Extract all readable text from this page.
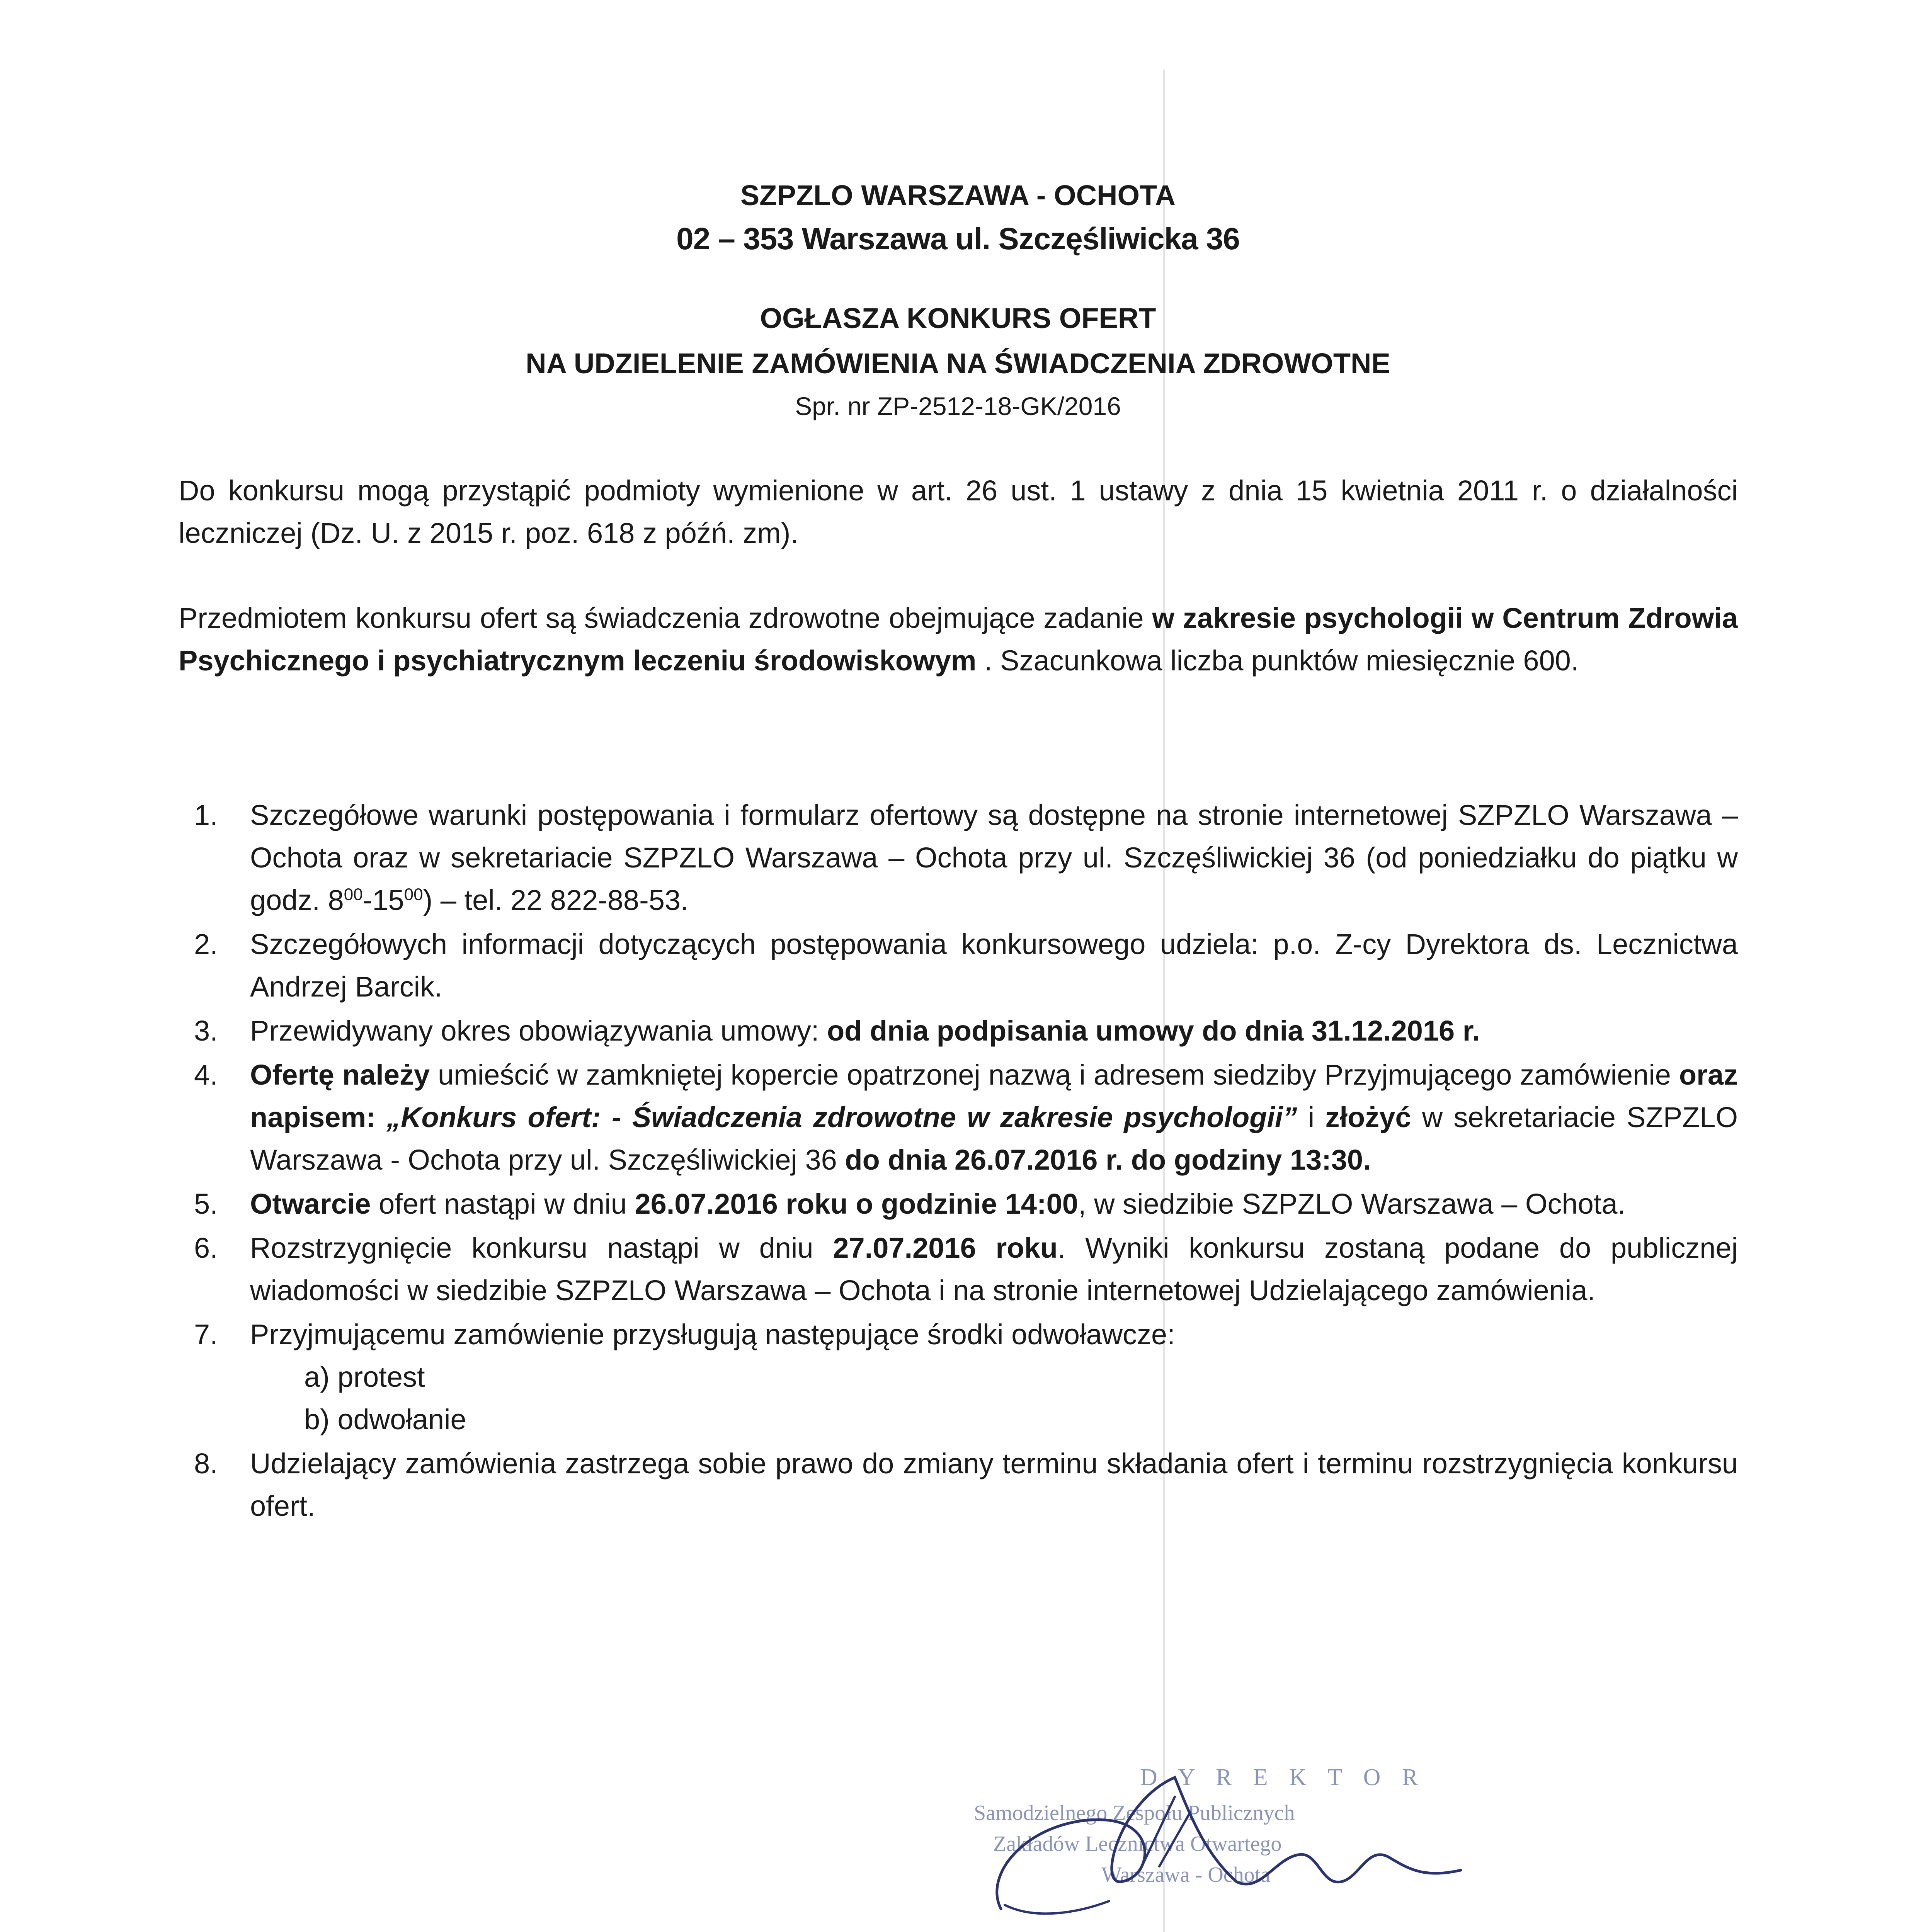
SZPZLO WARSZAWA - OCHOTA
02 – 353 Warszawa ul. Szczęśliwicka 36
OGŁASZA KONKURS OFERT
NA UDZIELENIE ZAMÓWIENIA NA ŚWIADCZENIA ZDROWOTNE
Spr. nr ZP-2512-18-GK/2016

Do konkursu mogą przystąpić podmioty wymienione w art. 26 ust. 1 ustawy z dnia 15 kwietnia 2011 r. o działalności leczniczej (Dz. U. z 2015 r. poz. 618 z późń. zm).

Przedmiotem konkursu ofert są świadczenia zdrowotne obejmujące zadanie w zakresie psychologii w Centrum Zdrowia Psychicznego i psychiatrycznym leczeniu środowiskowym . Szacunkowa liczba punktów miesięcznie 600.

1. Szczegółowe warunki postępowania i formularz ofertowy są dostępne na stronie internetowej SZPZLO Warszawa – Ochota oraz w sekretariacie SZPZLO Warszawa – Ochota przy ul. Szczęśliwickiej 36 (od poniedziałku do piątku w godz. $8^{00}-15^{00}$) – tel. 22 822-88-53.
2. Szczegółowych informacji dotyczących postępowania konkursowego udziela: p.o. Z-cy Dyrektora ds. Lecznictwa Andrzej Barcik.
3. Przewidywany okres obowiązywania umowy: od dnia podpisania umowy do dnia 31.12.2016 r.
4. Ofertę należy umieścić w zamkniętej kopercie opatrzonej nazwą i adresem siedziby Przyjmującego zamówienie oraz napisem: „Konkurs ofert: - Świadczenia zdrowotne w zakresie psychologii” i złożyć w sekretariacie SZPZLO Warszawa - Ochota przy ul. Szczęśliwickiej 36 do dnia 26.07.2016 r. do godziny 13:30.
5. Otwarcie ofert nastąpi w dniu 26.07.2016 roku o godzinie 14:00, w siedzibie SZPZLO Warszawa – Ochota.
6. Rozstrzygnięcie konkursu nastąpi w dniu 27.07.2016 roku. Wyniki konkursu zostaną podane do publicznej wiadomości w siedzibie SZPZLO Warszawa – Ochota i na stronie internetowej Udzielającego zamówienia.
7. Przyjmującemu zamówienie przysługują następujące środki odwoławcze:
a) protest
b) odwołanie
8. Udzielający zamówienia zastrzega sobie prawo do zmiany terminu składania ofert i terminu rozstrzygnięcia konkursu ofert.
D Y R E K T O R
Samodzielnego Zespołu Publicznych
Zakładów Lecznictwa Otwartego
Warszawa - Ochota
